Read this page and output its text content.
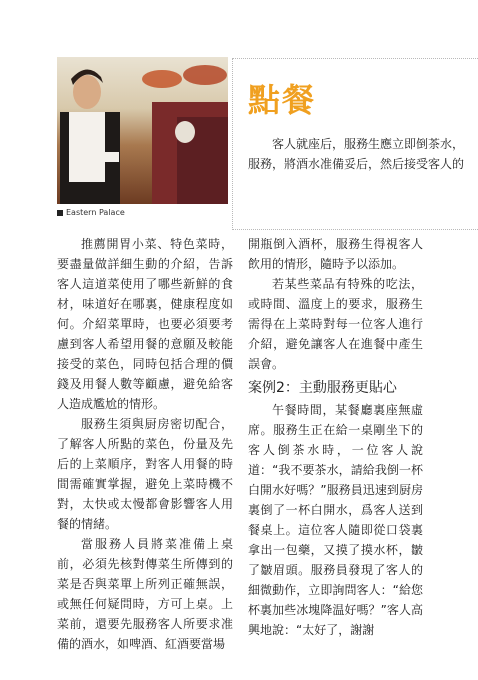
Eastern Palace
點餐

客人就座后，服務生應立即倒茶水，

服務，將酒水准備妥后，然后接受客人的

推薦開胃小菜、特色菜時，要盡量做詳細生動的介紹，告訴客人這道菜使用了哪些新鮮的食材，味道好在哪裏，健康程度如何。介紹菜單時，也要必須要考慮到客人希望用餐的意願及較能接受的菜色，同時包括合理的價錢及用餐人數等顧慮，避免給客人造成尷尬的情形。

服務生須與厨房密切配合，了解客人所點的菜色，份量及先后的上菜順序，對客人用餐的時間需確實掌握，避免上菜時機不對，太快或太慢都會影響客人用餐的情緒。

當服務人員將菜准備上桌前，必須先核對傳菜生所傳到的菜是否與菜單上所列正確無誤，或無任何疑問時，方可上桌。上菜前，還要先服務客人所要求准備的酒水，如啤酒、紅酒要當場

開瓶倒入酒杯，服務生得視客人飲用的情形，隨時予以添加。

若某些菜品有特殊的吃法，或時間、溫度上的要求，服務生需得在上菜時對每一位客人進行介紹，避免讓客人在進餐中產生誤會。

案例2：主動服務更貼心

午餐時間，某餐廳裏座無虛席。服務生正在給一桌剛坐下的客人倒茶水時，一位客人說道：“我不要茶水，請給我倒一杯白開水好嗎？”服務員迅速到厨房裏倒了一杯白開水，爲客人送到餐桌上。這位客人隨即從口袋裏拿出一包藥，又摸了摸水杯，皺了皺眉頭。服務員發現了客人的細微動作，立即詢問客人：“給您杯裏加些冰塊降温好嗎？”客人高興地說：“太好了，謝謝
